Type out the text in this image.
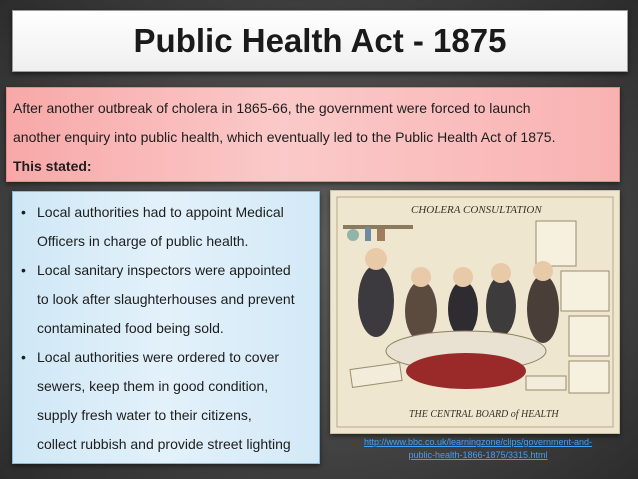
Public Health Act - 1875

After another outbreak of cholera in 1865-66, the government were forced to launch

another enquiry into public health, which eventually led to the Public Health Act of 1875.

This stated:

• Local authorities had to appoint Medical
Officers in charge of public health.
• Local sanitary inspectors were appointed
to look after slaughterhouses and prevent
contaminated food being sold.
• Local authorities were ordered to cover
sewers, keep them in good condition,
supply fresh water to their citizens,
collect rubbish and provide street lighting
CHOLERA CONSULTATION
THE CENTRAL BOARD of HEALTH
http://www.bbc.co.uk/learningzone/clips/government-and-
public-health-1866-1875/3315.html
